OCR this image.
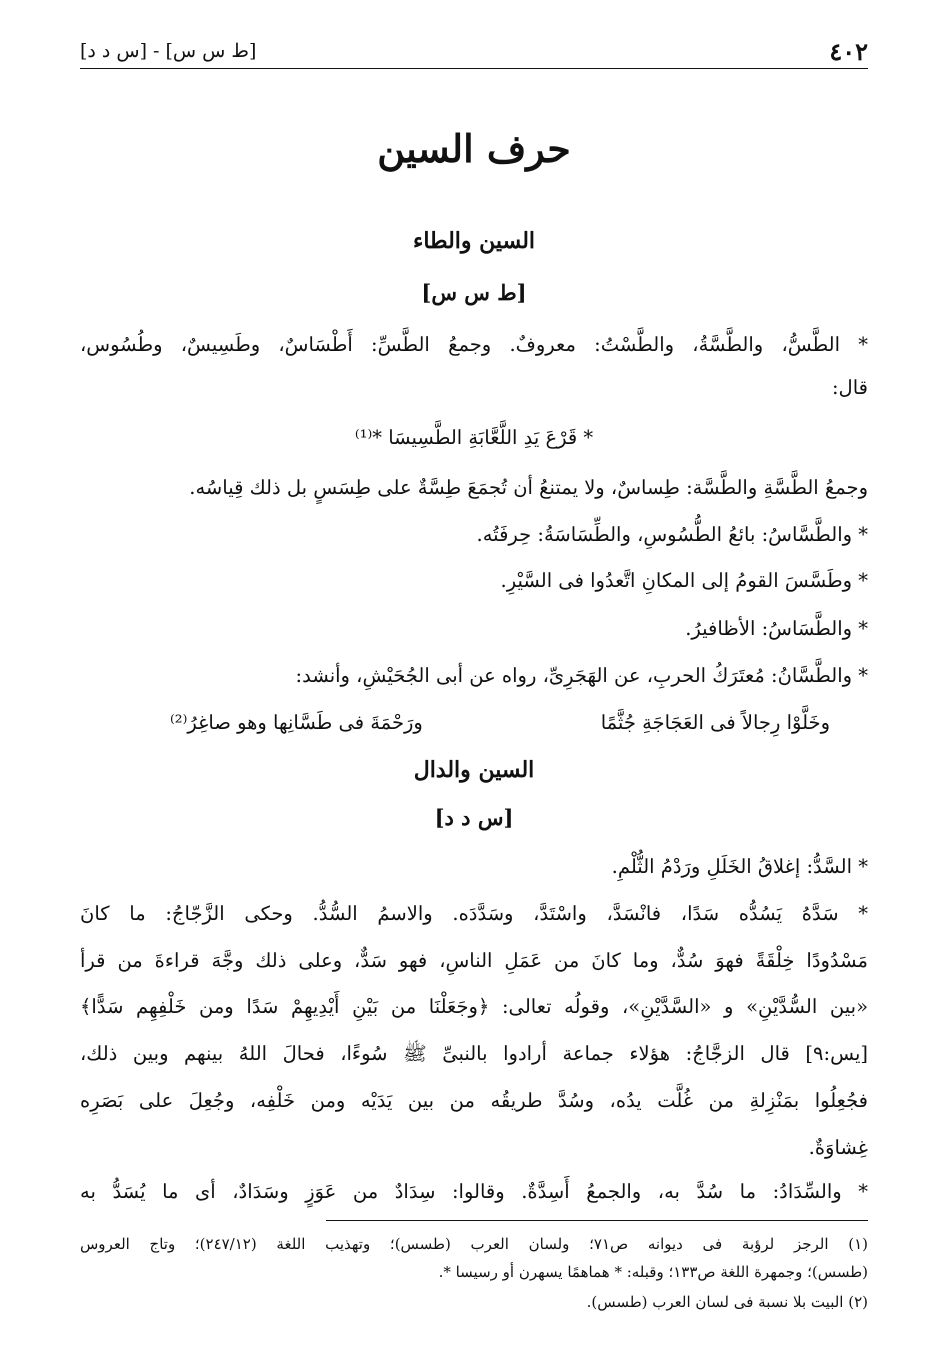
٤٠٢
[ط س س] - [س د د]
حرف السين
السين والطاء
[ط س س]
* الطَّسُّ، والطَّسَّةُ، والطَّسْتُ: معروفٌ. وجمعُ الطَّسِّ: أَطْسَاسٌ، وطَسِيسٌ، وطُسُوس،
قال:
* قَرْعَ يَدِ اللَّعَّابَةِ الطَّسِيسَا *⁽¹⁾
وجمعُ الطَّسَّةِ والطَّسَّة: طِساسٌ، ولا يمتنعُ أن تُجمَعَ طِسَّةٌ على طِسَسٍ بل ذلك قِياسُه.
* والطَّسَّاسُ: بائعُ الطُّسُوسِ، والطِّسَاسَةُ: حِرفَتُه.
* وطَسَّسَ القومُ إلى المكانِ اتَّعدُوا فى السَّيْرِ.
* والطَّسَاسُ: الأظافيرُ.
* والطَّسَّانُ: مُعتَرَكُ الحربِ، عن الهَجَرِىِّ، رواه عن أبى الجُحَيْشِ، وأنشد:
وخَلَّوْا رِجالاً فى العَجَاجَةِ جُثَّمًا
ورَحْمَةَ فى طَسَّانِها وهو صاغِرُ⁽²⁾
السين والدال
[س د د]
* السَّدُّ: إغلاقُ الخَلَلِ ورَدْمُ الثُّلْمِ.
* سَدَّهُ يَسُدُّه سَدًا، فانْسَدَّ، واسْتَدَّ، وسَدَّدَه. والاسمُ السُّدُّ. وحكى الزَّجّاجُ: ما كانَ
مَسْدُودًا خِلْقَةً فهوَ سُدٌّ، وما كانَ من عَمَلِ الناسِ، فهو سَدٌّ، وعلى ذلك وجَّهَ قراءةَ من قرأ
«بين السُّدَّيْنِ» و «السَّدَّيْنِ»، وقولُه تعالى: ﴿وجَعَلْنَا من بَيْنِ أَيْدِيهِمْ سَدًا ومن خَلْفِهِم سَدًّا﴾
[يس:٩] قال الزجَّاجُ: هؤلاء جماعة أرادوا بالنبىِّ ﷺ سُوءًا، فحالَ اللهُ بينهم وبين ذلك،
فجُعِلُوا بمَنْزِلةِ من غُلَّت يدُه، وسُدَّ طريقُه من بين يَدَيْه ومن خَلْفِه، وجُعِلَ على بَصَرِه
غِشاوَةٌ.
* والسِّدَادُ: ما سُدَّ به، والجمعُ أَسِدَّةٌ. وقالوا: سِدَادٌ من عَوَزٍ وسَدَادٌ، أى ما يُسَدُّ به
(١) الرجز لرؤبة فى ديوانه ص٧١؛ ولسان العرب (طسس)؛ وتهذيب اللغة (٢٤٧/١٢)؛ وتاج العروس
(طسس)؛ وجمهرة اللغة ص١٣٣؛ وقبله: * هماهمًا يسهرن أو رسيسا *.
(٢) البيت بلا نسبة فى لسان العرب (طسس).
